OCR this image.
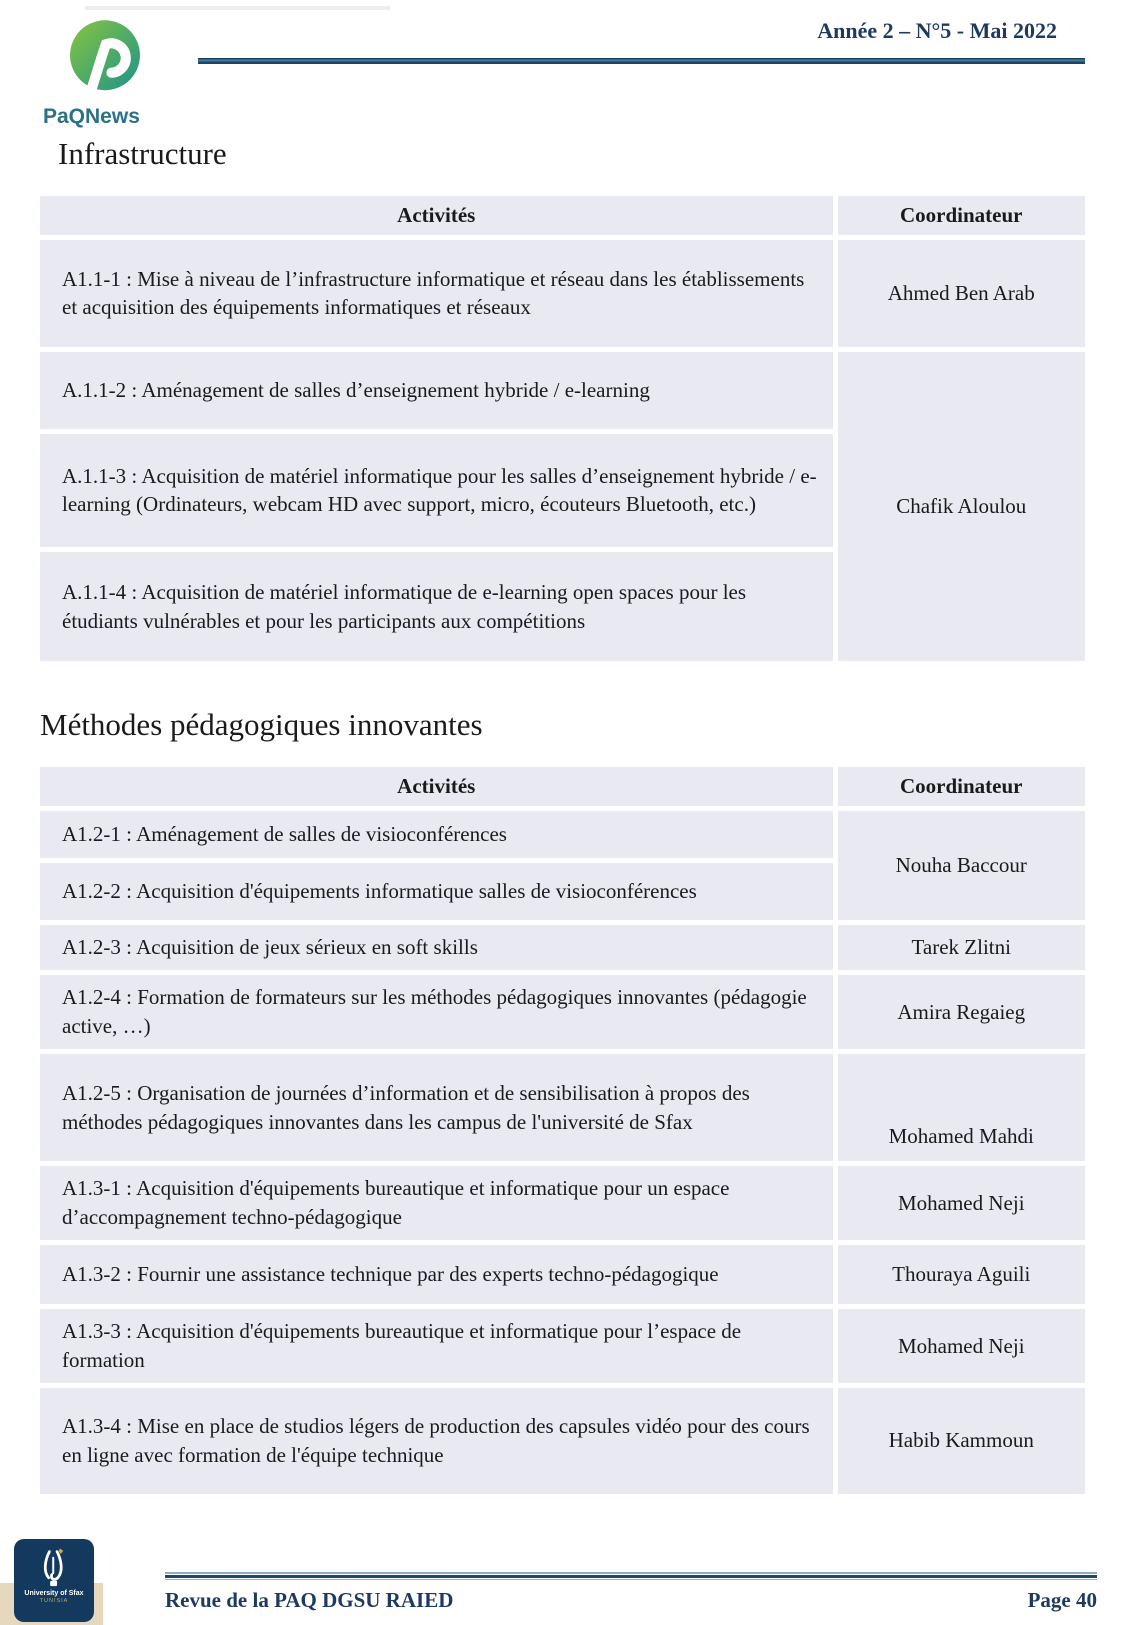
PaQNews
Année 2 – N°5 - Mai 2022
Infrastructure
Activités	Coordinateur
A1.1-1 : Mise à niveau de l’infrastructure informatique et réseau dans les établissements et acquisition des équipements informatiques et réseaux	Ahmed Ben Arab
A.1.1-2 : Aménagement de salles d’enseignement hybride / e-learning	Chafik Aloulou
A.1.1-3 : Acquisition de matériel informatique pour les salles d’enseignement hybride / e-learning (Ordinateurs, webcam HD avec support, micro, écouteurs Bluetooth, etc.)	
A.1.1-4 : Acquisition de matériel informatique de e-learning open spaces pour les étudiants vulnérables et pour les participants aux compétitions	
Méthodes pédagogiques innovantes
Activités	Coordinateur
A1.2-1 : Aménagement de salles de visioconférences	Nouha Baccour
A1.2-2 : Acquisition d'équipements informatique salles de visioconférences	
A1.2-3 : Acquisition de jeux sérieux en soft skills	Tarek Zlitni
A1.2-4 : Formation de formateurs sur les méthodes pédagogiques innovantes (pédagogie active, …)	Amira Regaieg
A1.2-5 : Organisation de journées d’information et de sensibilisation à propos des méthodes pédagogiques innovantes dans les campus de l'université de Sfax	Mohamed Mahdi
A1.3-1 : Acquisition d'équipements bureautique et informatique pour un espace d’accompagnement techno-pédagogique	Mohamed Neji
A1.3-2 : Fournir une assistance technique par des experts techno-pédagogique	Thouraya Aguili
A1.3-3 : Acquisition d'équipements bureautique et informatique pour l’espace de formation	Mohamed Neji
A1.3-4 : Mise en place de studios légers de production des capsules vidéo pour des cours en ligne avec formation de l'équipe technique	Habib Kammoun
University of Sfax
TUNISIA	Revue de la PAQ DGSU RAIED	Page 40
